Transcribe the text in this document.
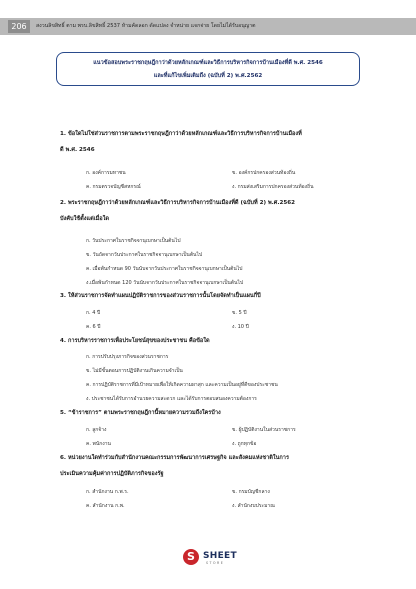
206	สงวนลิขสิทธิ์ ตาม พรบ.ลิขสิทธิ์ 2537 ห้ามคัดลอก ดัดแปลง จำหน่าย แจกจ่าย โดยไม่ได้รับอนุญาต
แนวข้อสอบพระราชกฤษฎีกาว่าด้วยหลักเกณฑ์และวิธีการบริหารกิจการบ้านเมืองที่ดี พ.ศ. 2546
และที่แก้ไขเพิ่มเติมถึง (ฉบับที่ 2) พ.ศ.2562
1. ข้อใดไม่ใช่ส่วนราชการตามพระราชกฤษฎีกาว่าด้วยหลักเกณฑ์และวิธีการบริหารกิจการบ้านเมืองที่
ดี พ.ศ. 2546
ก. องค์การมหาชน	ข. องค์กรปกครองส่วนท้องถิ่น
ค. กรมตรวจบัญชีสหกรณ์	ง. กรมส่งเสริมการปกครองส่วนท้องถิ่น
2. พระราชกฤษฎีกาว่าด้วยหลักเกณฑ์และวิธีการบริหารกิจการบ้านเมืองที่ดี (ฉบับที่ 2) พ.ศ.2562
บังคับใช้ตั้งแต่เมื่อใด
ก. วันประกาศในราชกิจจานุเบกษาเป็นต้นไป
ข. วันถัดจากวันประกาศในราชกิจจานุเบกษาเป็นต้นไป
ค. เมื่อพ้นกำหนด 90 วันนับจากวันประกาศในราชกิจจานุเบกษาเป็นต้นไป
ง.เมื่อพ้นกำหนด 120 วันนับจากวันประกาศในราชกิจจานุเบกษาเป็นต้นไป
3. ให้ส่วนราชการจัดทำแผนปฏิบัติราชการของส่วนราชการนั้นโดยจัดทำเป็นแผนกี่ปี
ก. 4 ปี	ข. 5 ปี
ค. 6 ปี	ง. 10 ปี
4. การบริหารราชการเพื่อประโยชน์สุขของประชาชน คือข้อใด
ก. การปรับปรุงภารกิจของส่วนราชการ
ข. ไม่มีขั้นตอนการปฏิบัติงานเกินความจำเป็น
ค. การปฏิบัติราชการที่มีเป้าหมายเพื่อให้เกิดความผาสุก และความเป็นอยู่ที่ดีของประชาชน
ง. ประชาชนได้รับการอำนวยความสะดวก และได้รับการตอบสนองความต้องการ
5. “ข้าราชการ” ตามพระราชกฤษฎีกานี้หมายความรวมถึงใครบ้าง
ก. ลูกจ้าง	ข. ผู้ปฏิบัติงานในส่วนราชการ
ค. พนักงาน	ง. ถูกทุกข้อ
6. หน่วยงานใดทำร่วมกับสำนักงานคณะกรรมการพัฒนาการเศรษฐกิจ และสังคมแห่งชาติในการ
ประเมินความคุ้มค่าการปฏิบัติภารกิจของรัฐ
ก. สำนักงาน ก.พ.ร.	ข. กรมบัญชีกลาง
ค. สำนักงาน ก.พ.	ง. สำนักงบประมาณ
S SHEET
STORE
